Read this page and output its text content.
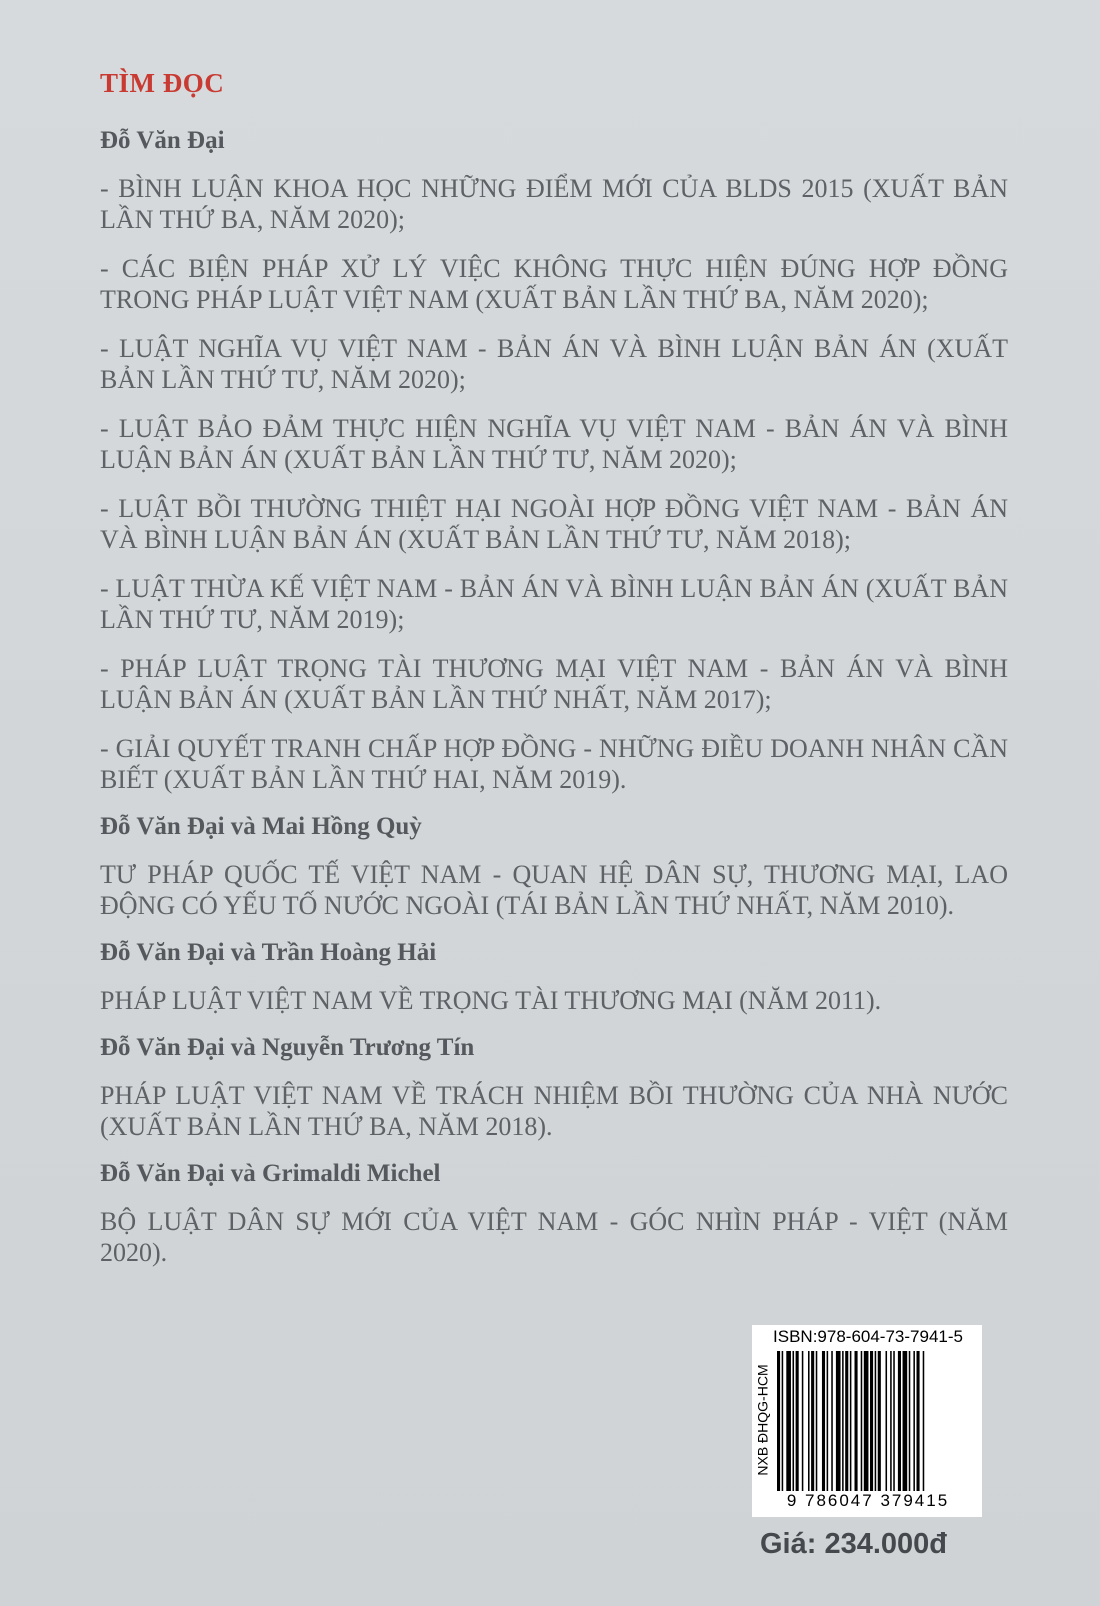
TÌM ĐỌC
Đỗ Văn Đại
- BÌNH LUẬN KHOA HỌC NHỮNG ĐIỂM MỚI CỦA BLDS 2015 (XUẤT BẢN LẦN THỨ BA, NĂM 2020);
- CÁC BIỆN PHÁP XỬ LÝ VIỆC KHÔNG THỰC HIỆN ĐÚNG HỢP ĐỒNG TRONG PHÁP LUẬT VIỆT NAM (XUẤT BẢN LẦN THỨ BA, NĂM 2020);
- LUẬT NGHĨA VỤ VIỆT NAM - BẢN ÁN VÀ BÌNH LUẬN BẢN ÁN (XUẤT BẢN LẦN THỨ TƯ, NĂM 2020);
- LUẬT BẢO ĐẢM THỰC HIỆN NGHĨA VỤ VIỆT NAM - BẢN ÁN VÀ BÌNH LUẬN BẢN ÁN (XUẤT BẢN LẦN THỨ TƯ, NĂM 2020);
- LUẬT BỒI THƯỜNG THIỆT HẠI NGOÀI HỢP ĐỒNG VIỆT NAM - BẢN ÁN VÀ BÌNH LUẬN BẢN ÁN (XUẤT BẢN LẦN THỨ TƯ, NĂM 2018);
- LUẬT THỪA KẾ VIỆT NAM - BẢN ÁN VÀ BÌNH LUẬN BẢN ÁN (XUẤT BẢN LẦN THỨ TƯ, NĂM 2019);
- PHÁP LUẬT TRỌNG TÀI THƯƠNG MẠI VIỆT NAM - BẢN ÁN VÀ BÌNH LUẬN BẢN ÁN (XUẤT BẢN LẦN THỨ NHẤT, NĂM 2017);
- GIẢI QUYẾT TRANH CHẤP HỢP ĐỒNG - NHỮNG ĐIỀU DOANH NHÂN CẦN BIẾT (XUẤT BẢN LẦN THỨ HAI, NĂM 2019).
Đỗ Văn Đại và Mai Hồng Quỳ
TƯ PHÁP QUỐC TẾ VIỆT NAM - QUAN HỆ DÂN SỰ, THƯƠNG MẠI, LAO ĐỘNG CÓ YẾU TỐ NƯỚC NGOÀI (TÁI BẢN LẦN THỨ NHẤT, NĂM 2010).
Đỗ Văn Đại và Trần Hoàng Hải
PHÁP LUẬT VIỆT NAM VỀ TRỌNG TÀI THƯƠNG MẠI (NĂM 2011).
Đỗ Văn Đại và Nguyễn Trương Tín
PHÁP LUẬT VIỆT NAM VỀ TRÁCH NHIỆM BỒI THƯỜNG CỦA NHÀ NƯỚC (XUẤT BẢN LẦN THỨ BA, NĂM 2018).
Đỗ Văn Đại và Grimaldi Michel
BỘ LUẬT DÂN SỰ MỚI CỦA VIỆT NAM - GÓC NHÌN PHÁP - VIỆT (NĂM 2020).
ISBN:978-604-73-7941-5
NXB ĐHQG-HCM
9 786047 379415
Giá: 234.000đ
